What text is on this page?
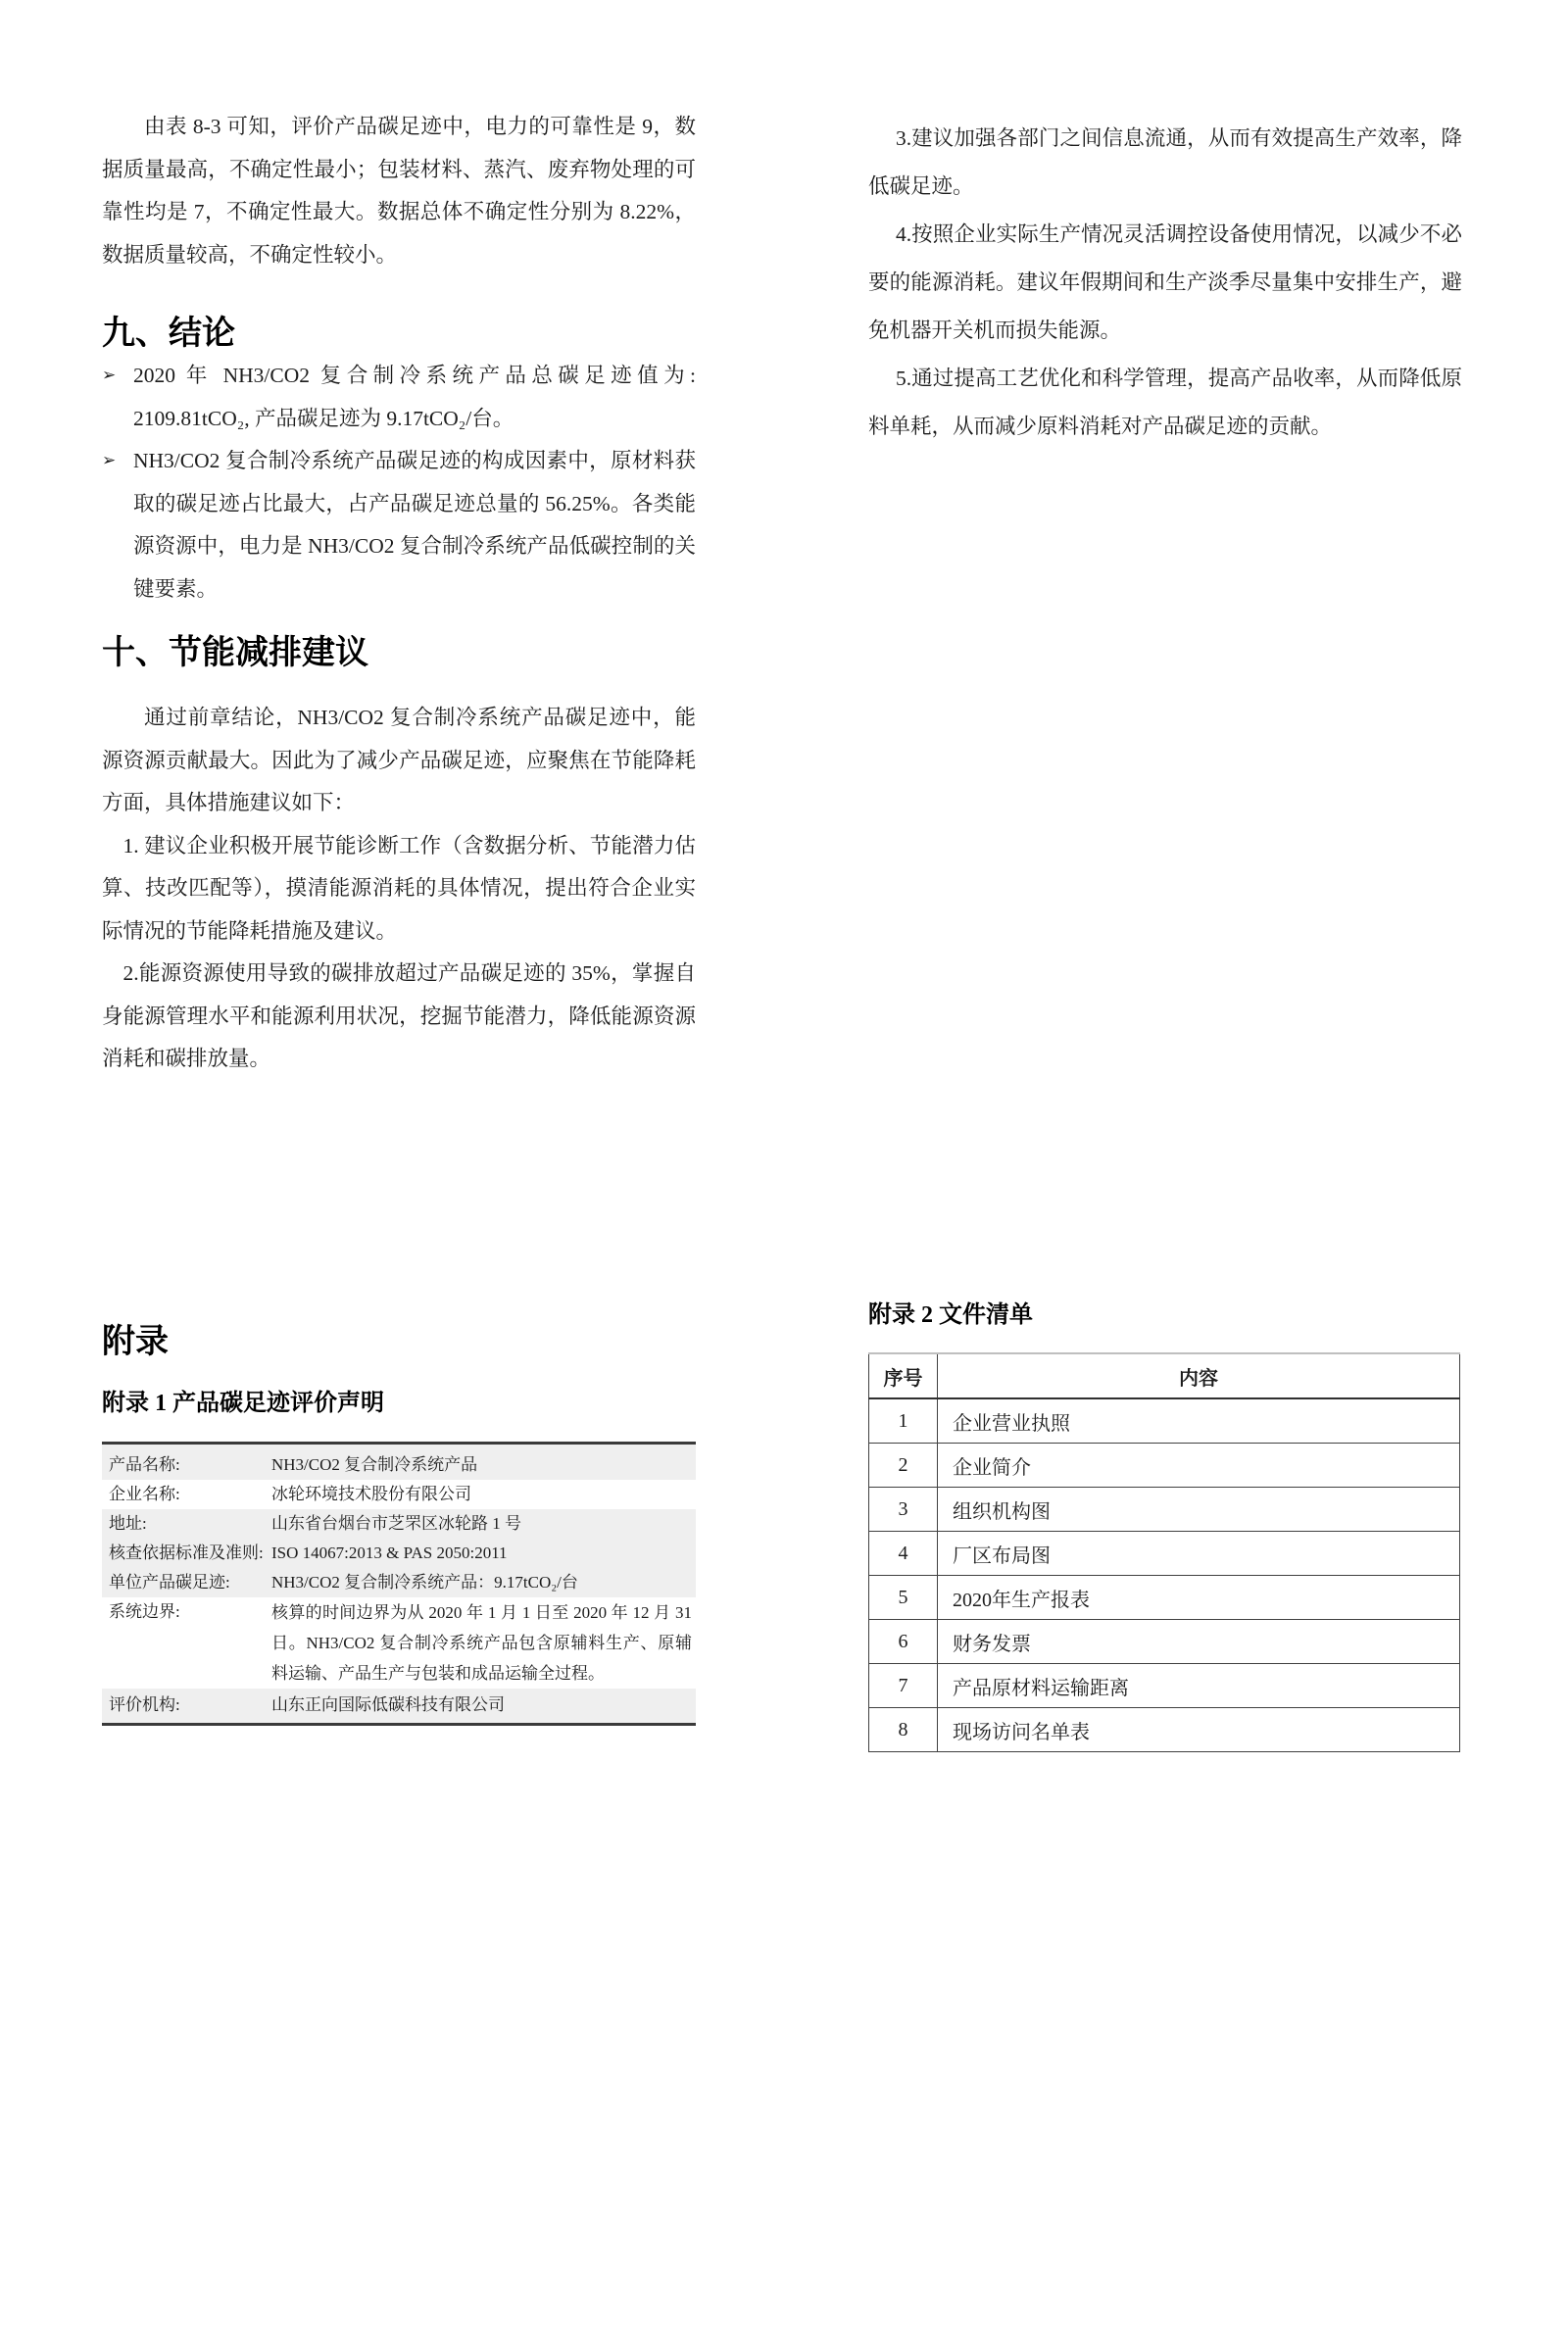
由表 8-3 可知，评价产品碳足迹中，电力的可靠性是 9，数据质量最高，不确定性最小；包装材料、蒸汽、废弃物处理的可靠性均是 7，不确定性最大。数据总体不确定性分别为 8.22%，数据质量较高，不确定性较小。

九、结论
➢ 2020 年 NH3/CO2 复合制冷系统产品总碳足迹值为: 2109.81tCO₂, 产品碳足迹为 9.17tCO₂/台。
➢ NH3/CO2 复合制冷系统产品碳足迹的构成因素中，原材料获取的碳足迹占比最大，占产品碳足迹总量的 56.25%。各类能源资源中，电力是 NH3/CO2 复合制冷系统产品低碳控制的关键要素。
十、节能减排建议

通过前章结论，NH3/CO2 复合制冷系统产品碳足迹中，能源资源贡献最大。因此为了减少产品碳足迹，应聚焦在节能降耗方面，具体措施建议如下：

1. 建议企业积极开展节能诊断工作（含数据分析、节能潜力估算、技改匹配等），摸清能源消耗的具体情况，提出符合企业实际情况的节能降耗措施及建议。

2.能源资源使用导致的碳排放超过产品碳足迹的 35%，掌握自身能源管理水平和能源利用状况，挖掘节能潜力，降低能源资源消耗和碳排放量。

附录
附录 1 产品碳足迹评价声明
产品名称:	NH3/CO2 复合制冷系统产品
企业名称:	冰轮环境技术股份有限公司
地址:	山东省台烟台市芝罘区冰轮路 1 号
核查依据标准及准则: ISO 14067:2013 & PAS 2050:2011
单位产品碳足迹:	NH3/CO2 复合制冷系统产品：9.17tCO₂/台
系统边界:	核算的时间边界为从 2020 年 1 月 1 日至 2020 年 12 月 31 日。NH3/CO2 复合制冷系统产品包含原辅料生产、原辅料运输、产品生产与包装和成品运输全过程。
评价机构:	山东正向国际低碳科技有限公司

3.建议加强各部门之间信息流通，从而有效提高生产效率，降低碳足迹。

4.按照企业实际生产情况灵活调控设备使用情况，以减少不必要的能源消耗。建议年假期间和生产淡季尽量集中安排生产，避免机器开关机而损失能源。

5.通过提高工艺优化和科学管理，提高产品收率，从而降低原料单耗，从而减少原料消耗对产品碳足迹的贡献。

附录 2 文件清单
序号	内容
1	企业营业执照
2	企业简介
3	组织机构图
4	厂区布局图
5	2020年生产报表
6	财务发票
7	产品原材料运输距离
8	现场访问名单表
